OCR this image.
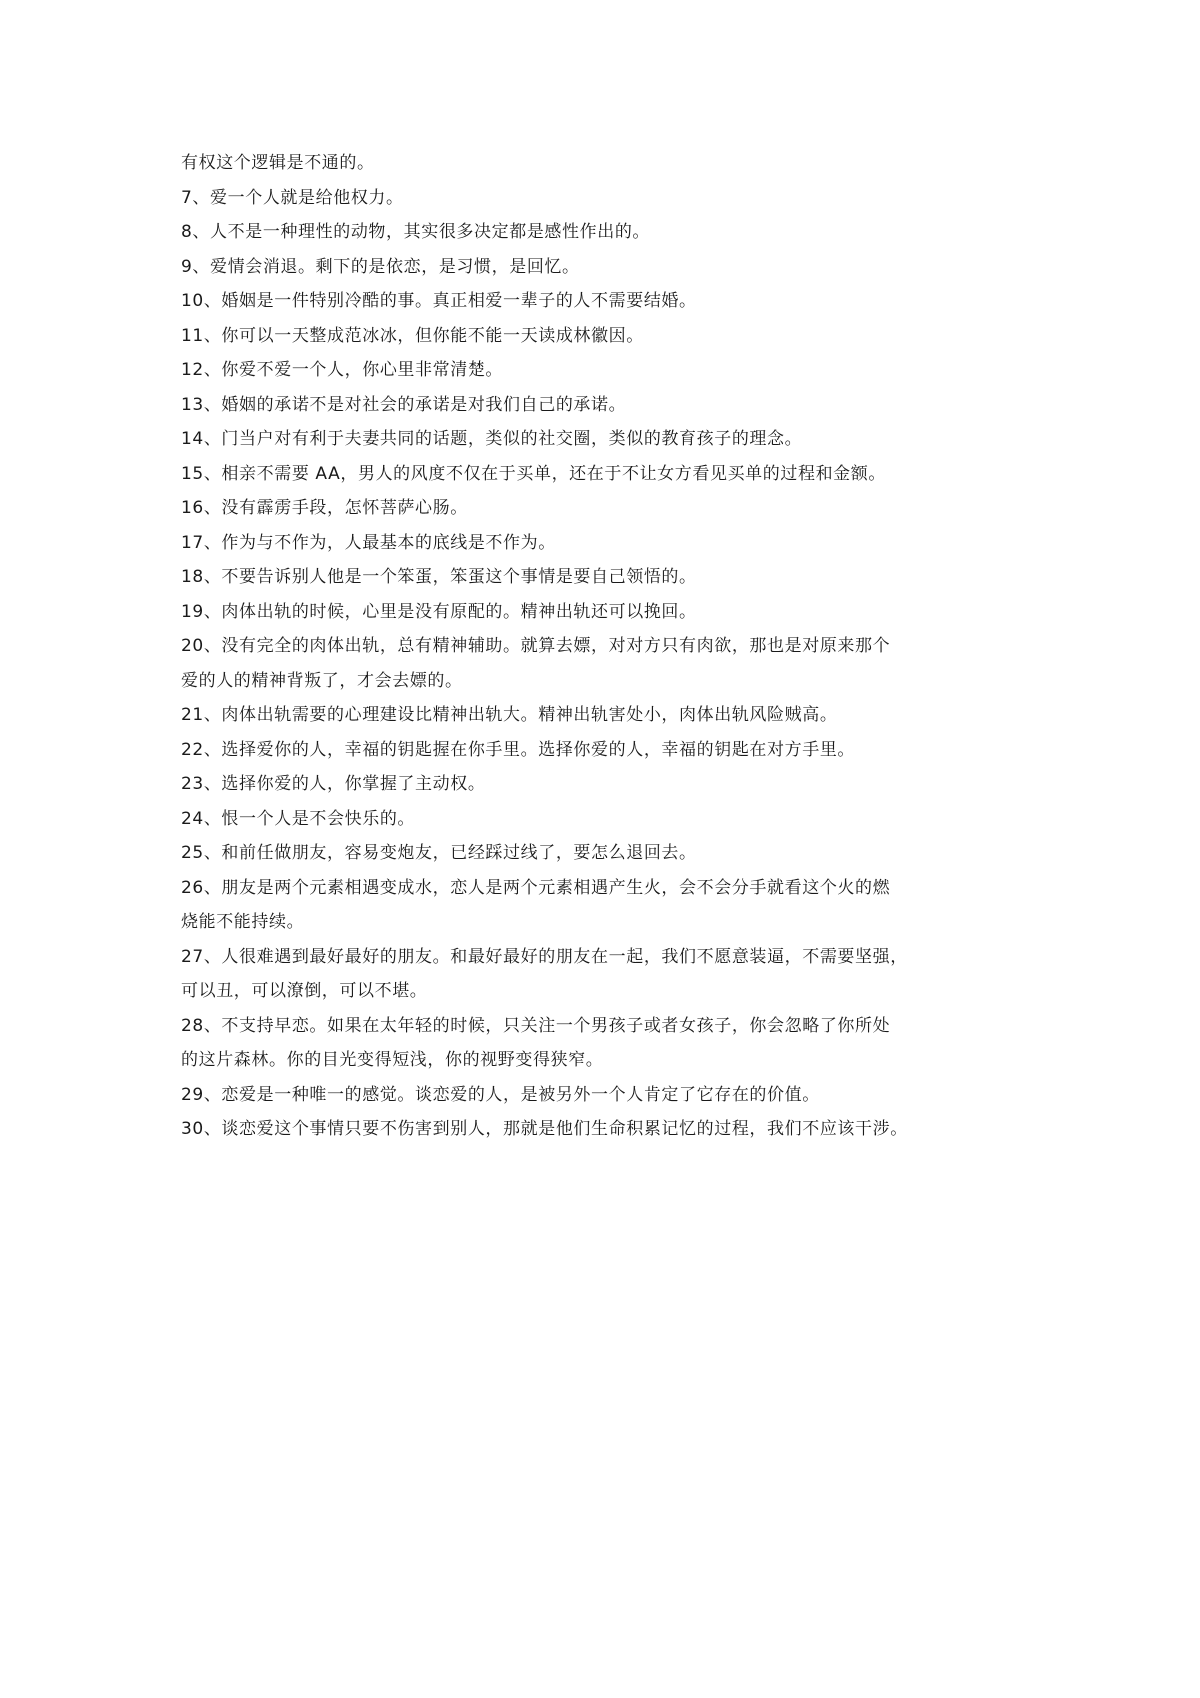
有权这个逻辑是不通的。

7、爱一个人就是给他权力。

8、人不是一种理性的动物，其实很多决定都是感性作出的。

9、爱情会消退。剩下的是依恋，是习惯，是回忆。

10、婚姻是一件特别冷酷的事。真正相爱一辈子的人不需要结婚。

11、你可以一天整成范冰冰，但你能不能一天读成林徽因。

12、你爱不爱一个人，你心里非常清楚。

13、婚姻的承诺不是对社会的承诺是对我们自己的承诺。

14、门当户对有利于夫妻共同的话题，类似的社交圈，类似的教育孩子的理念。

15、相亲不需要 AA，男人的风度不仅在于买单，还在于不让女方看见买单的过程和金额。

16、没有霹雳手段，怎怀菩萨心肠。

17、作为与不作为，人最基本的底线是不作为。

18、不要告诉别人他是一个笨蛋，笨蛋这个事情是要自己领悟的。

19、肉体出轨的时候，心里是没有原配的。精神出轨还可以挽回。

20、没有完全的肉体出轨，总有精神辅助。就算去嫖，对对方只有肉欲，那也是对原来那个

爱的人的精神背叛了，才会去嫖的。

21、肉体出轨需要的心理建设比精神出轨大。精神出轨害处小，肉体出轨风险贼高。

22、选择爱你的人，幸福的钥匙握在你手里。选择你爱的人，幸福的钥匙在对方手里。

23、选择你爱的人，你掌握了主动权。

24、恨一个人是不会快乐的。

25、和前任做朋友，容易变炮友，已经踩过线了，要怎么退回去。

26、朋友是两个元素相遇变成水，恋人是两个元素相遇产生火，会不会分手就看这个火的燃

烧能不能持续。

27、人很难遇到最好最好的朋友。和最好最好的朋友在一起，我们不愿意装逼，不需要坚强，

可以丑，可以潦倒，可以不堪。

28、不支持早恋。如果在太年轻的时候，只关注一个男孩子或者女孩子，你会忽略了你所处

的这片森林。你的目光变得短浅，你的视野变得狭窄。

29、恋爱是一种唯一的感觉。谈恋爱的人，是被另外一个人肯定了它存在的价值。

30、谈恋爱这个事情只要不伤害到别人，那就是他们生命积累记忆的过程，我们不应该干涉。
